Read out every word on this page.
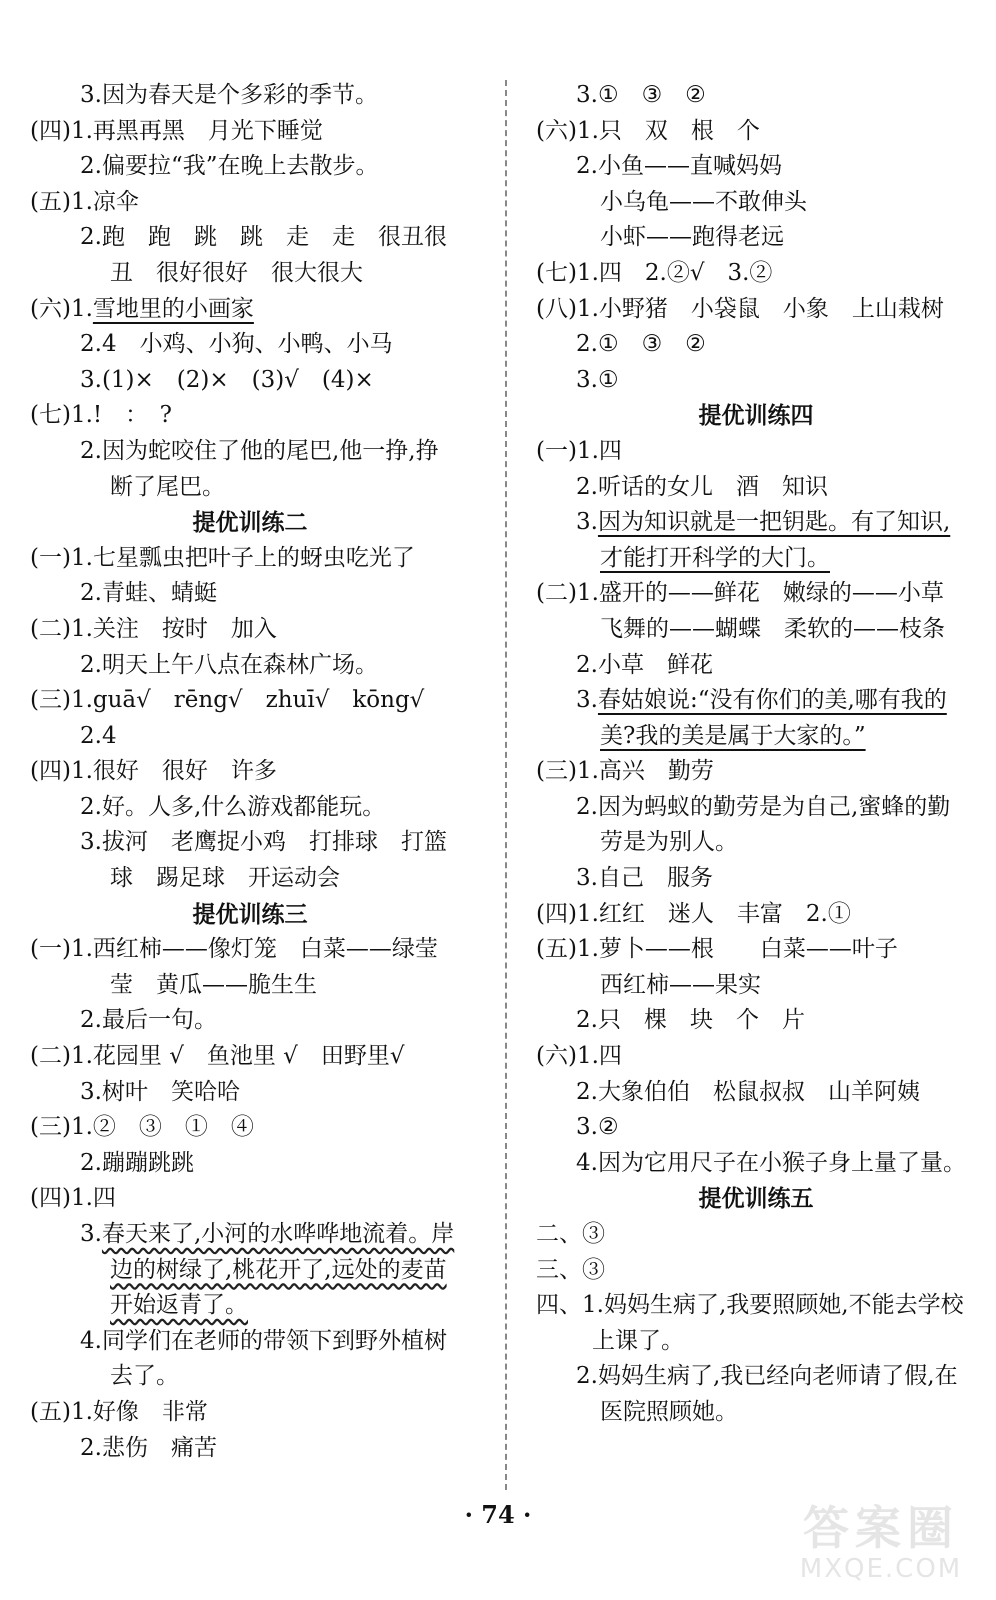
3.因为春天是个多彩的季节。
(四)1.再黑再黑　月光下睡觉
2.偏要拉“我”在晚上去散步。
(五)1.凉伞
2.跑　跑　跳　跳　走　走　很丑很
丑　很好很好　很大很大
(六)1.雪地里的小画家
2.4　小鸡、小狗、小鸭、小马
3.(1)×　(2)×　(3)√　(4)×
(七)1.!　：　?
2.因为蛇咬住了他的尾巴,他一挣,挣
断了尾巴。
提优训练二
(一)1.七星瓢虫把叶子上的蚜虫吃光了
2.青蛙、蜻蜓
(二)1.关注　按时　加入
2.明天上午八点在森林广场。
(三)1.guā√　rēng√　zhuī√　kōng√
2.4
(四)1.很好　很好　许多
2.好。人多,什么游戏都能玩。
3.拔河　老鹰捉小鸡　打排球　打篮
球　踢足球　开运动会
提优训练三
(一)1.西红柿——像灯笼　白菜——绿莹
莹　黄瓜——脆生生
2.最后一句。
(二)1.花园里 √　鱼池里 √　田野里√
3.树叶　笑哈哈
(三)1.②　③　①　④
2.蹦蹦跳跳
(四)1.四
3.春天来了,小河的水哗哗地流着。岸
边的树绿了,桃花开了,远处的麦苗
开始返青了。
4.同学们在老师的带领下到野外植树
去了。
(五)1.好像　非常
2.悲伤　痛苦
3.①　③　②
(六)1.只　双　根　个
2.小鱼——直喊妈妈
小乌龟——不敢伸头
小虾——跑得老远
(七)1.四　2.②√　3.②
(八)1.小野猪　小袋鼠　小象　上山栽树
2.①　③　②
3.①
提优训练四
(一)1.四
2.听话的女儿　酒　知识
3.因为知识就是一把钥匙。有了知识,
才能打开科学的大门。
(二)1.盛开的——鲜花　嫩绿的——小草
飞舞的——蝴蝶　柔软的——枝条
2.小草　鲜花
3.春姑娘说:“没有你们的美,哪有我的
美?我的美是属于大家的。”
(三)1.高兴　勤劳
2.因为蚂蚁的勤劳是为自己,蜜蜂的勤
劳是为别人。
3.自己　服务
(四)1.红红　迷人　丰富　2.①
(五)1.萝卜——根　　白菜——叶子
西红柿——果实
2.只　棵　块　个　片
(六)1.四
2.大象伯伯　松鼠叔叔　山羊阿姨
3.②
4.因为它用尺子在小猴子身上量了量。
提优训练五
二、③
三、③
四、1.妈妈生病了,我要照顾她,不能去学校
上课了。
2.妈妈生病了,我已经向老师请了假,在
医院照顾她。
· 74 ·	答案圈
MXQE.COM
